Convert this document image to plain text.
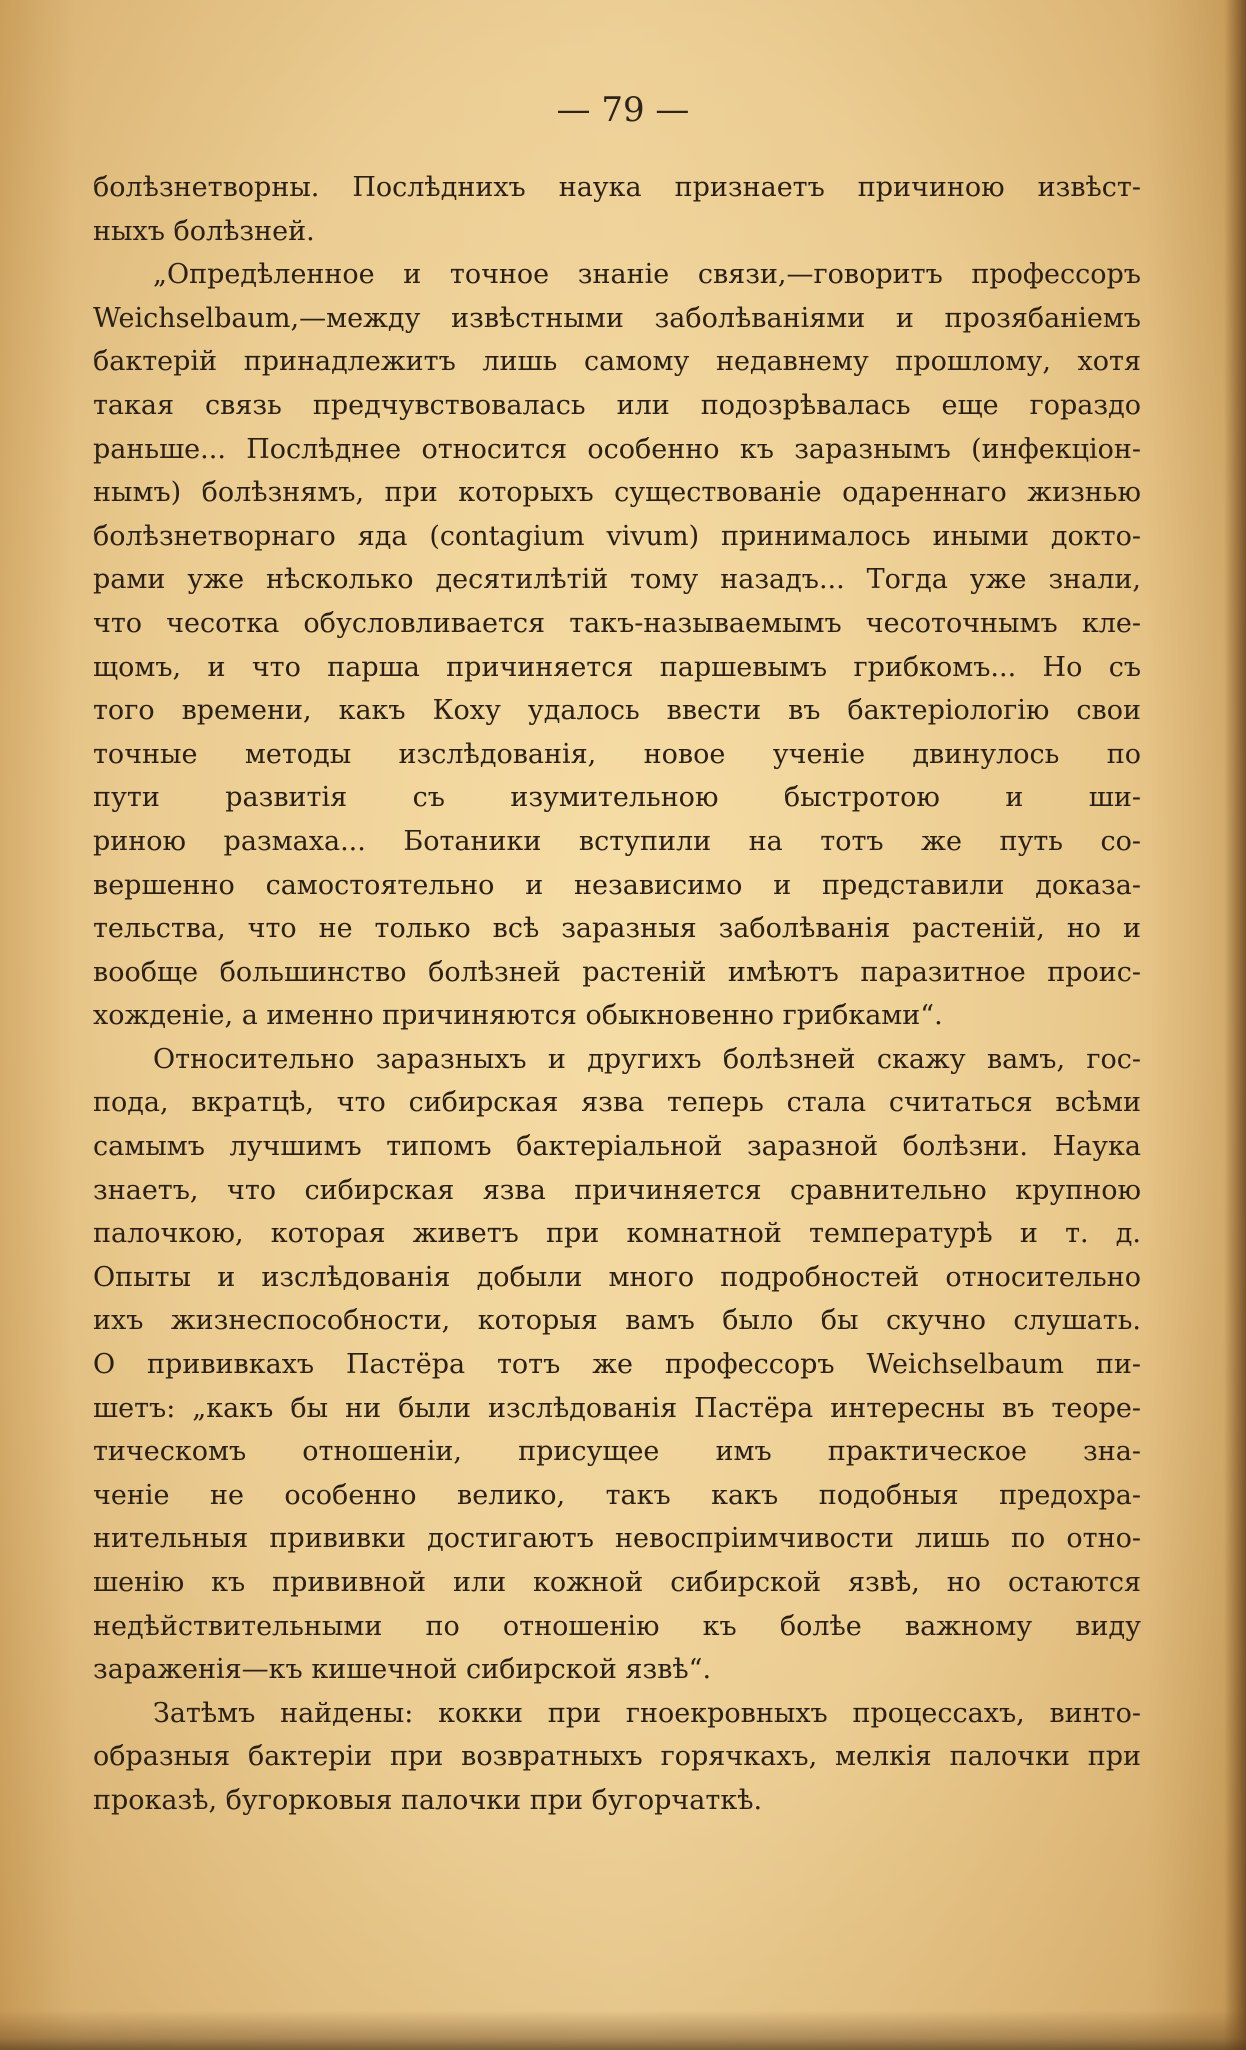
— 79 —
болѣзнетворны. Послѣднихъ наука признаетъ причиною извѣст-
ныхъ болѣзней.
„Опредѣленное и точное знаніе связи,—говоритъ профессоръ
Weichselbaum,—между извѣстными заболѣваніями и прозябаніемъ
бактерій принадлежитъ лишь самому недавнему прошлому, хотя
такая связь предчувствовалась или подозрѣвалась еще гораздо
раньше... Послѣднее относится особенно къ заразнымъ (инфекціон-
нымъ) болѣзнямъ, при которыхъ существованіе одареннаго жизнью
болѣзнетворнаго яда (contagium vivum) принималось иными докто-
рами уже нѣсколько десятилѣтій тому назадъ... Тогда уже знали,
что чесотка обусловливается такъ-называемымъ чесоточнымъ кле-
щомъ, и что парша причиняется паршевымъ грибкомъ... Но съ
того времени, какъ Коху удалось ввести въ бактеріологію свои
точные методы изслѣдованія, новое ученіе двинулось по
пути развитія съ изумительною быстротою и ши-
риною размаха... Ботаники вступили на тотъ же путь со-
вершенно самостоятельно и независимо и представили доказа-
тельства, что не только всѣ заразныя заболѣванія растеній, но и
вообще большинство болѣзней растеній имѣютъ паразитное проис-
хожденіе, а именно причиняются обыкновенно грибками“.
Относительно заразныхъ и другихъ болѣзней скажу вамъ, гос-
пода, вкратцѣ, что сибирская язва теперь стала считаться всѣми
самымъ лучшимъ типомъ бактеріальной заразной болѣзни. Наука
знаетъ, что сибирская язва причиняется сравнительно крупною
палочкою, которая живетъ при комнатной температурѣ и т. д.
Опыты и изслѣдованія добыли много подробностей относительно
ихъ жизнеспособности, которыя вамъ было бы скучно слушать.
О прививкахъ Пастёра тотъ же профессоръ Weichselbaum пи-
шетъ: „какъ бы ни были изслѣдованія Пастёра интересны въ теоре-
тическомъ отношеніи, присущее имъ практическое зна-
ченіе не особенно велико, такъ какъ подобныя предохра-
нительныя прививки достигаютъ невоспріимчивости лишь по отно-
шенію къ прививной или кожной сибирской язвѣ, но остаются
недѣйствительными по отношенію къ болѣе важному виду
зараженія—къ кишечной сибирской язвѣ“.
Затѣмъ найдены: кокки при гноекровныхъ процессахъ, винто-
образныя бактеріи при возвратныхъ горячкахъ, мелкія палочки при
проказѣ, бугорковыя палочки при бугорчаткѣ.
